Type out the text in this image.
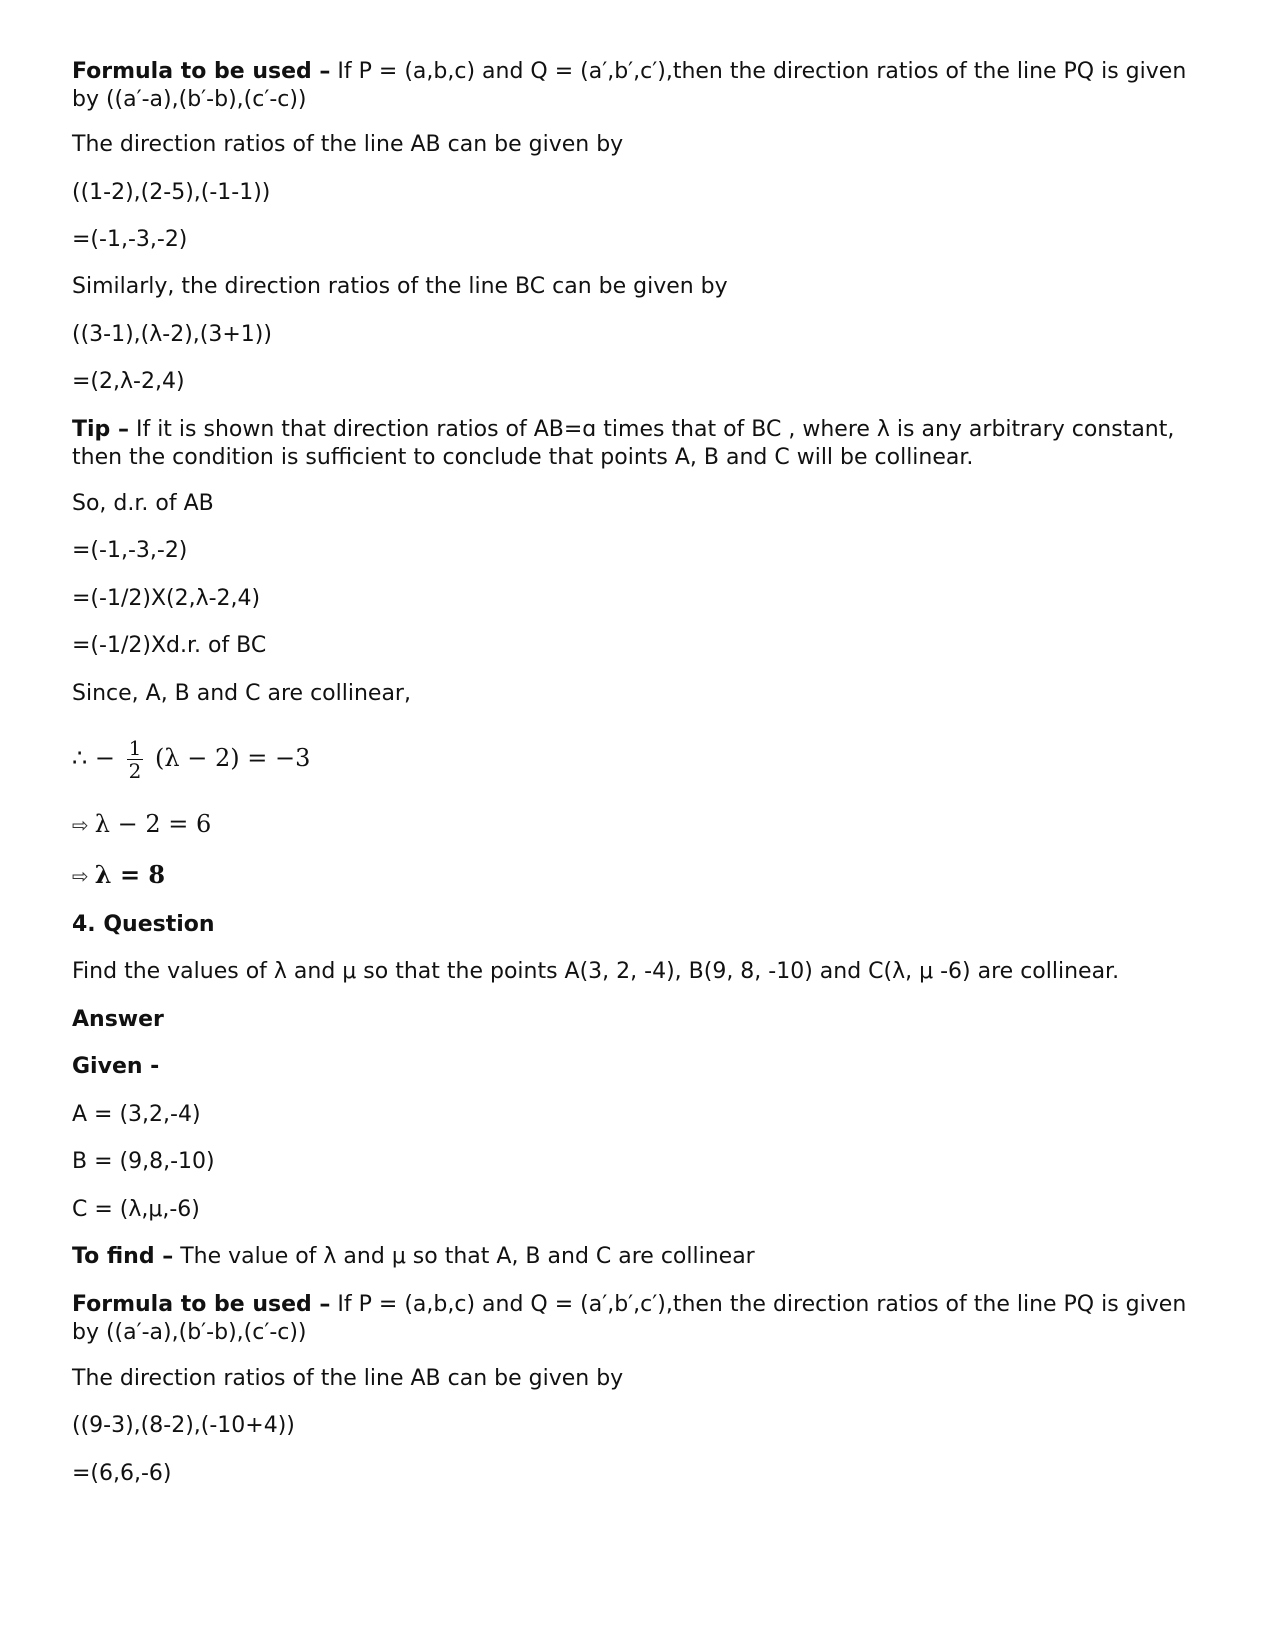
Formula to be used – If P = (a,b,c) and Q = (a′,b′,c′),then the direction ratios of the line PQ is given by ((a′-a),(b′-b),(c′-c))

The direction ratios of the line AB can be given by

((1-2),(2-5),(-1-1))

=(-1,-3,-2)

Similarly, the direction ratios of the line BC can be given by

((3-1),(λ-2),(3+1))

=(2,λ-2,4)

Tip – If it is shown that direction ratios of AB=ɑ times that of BC , where λ is any arbitrary constant, then the condition is sufficient to conclude that points A, B and C will be collinear.

So, d.r. of AB

=(-1,-3,-2)

=(-1/2)X(2,λ-2,4)

=(-1/2)Xd.r. of BC

Since, A, B and C are collinear,

∴ − $\frac{1}{2} (\lambda - 2) = -3$
⇨ λ − 2 = 6
⇨ λ = 8

4. Question

Find the values of λ and μ so that the points A(3, 2, -4), B(9, 8, -10) and C(λ, μ -6) are collinear.

Answer

Given -

A = (3,2,-4)

B = (9,8,-10)

C = (λ,μ,-6)

To find – The value of λ and μ so that A, B and C are collinear

Formula to be used – If P = (a,b,c) and Q = (a′,b′,c′),then the direction ratios of the line PQ is given by ((a′-a),(b′-b),(c′-c))

The direction ratios of the line AB can be given by

((9-3),(8-2),(-10+4))

=(6,6,-6)
